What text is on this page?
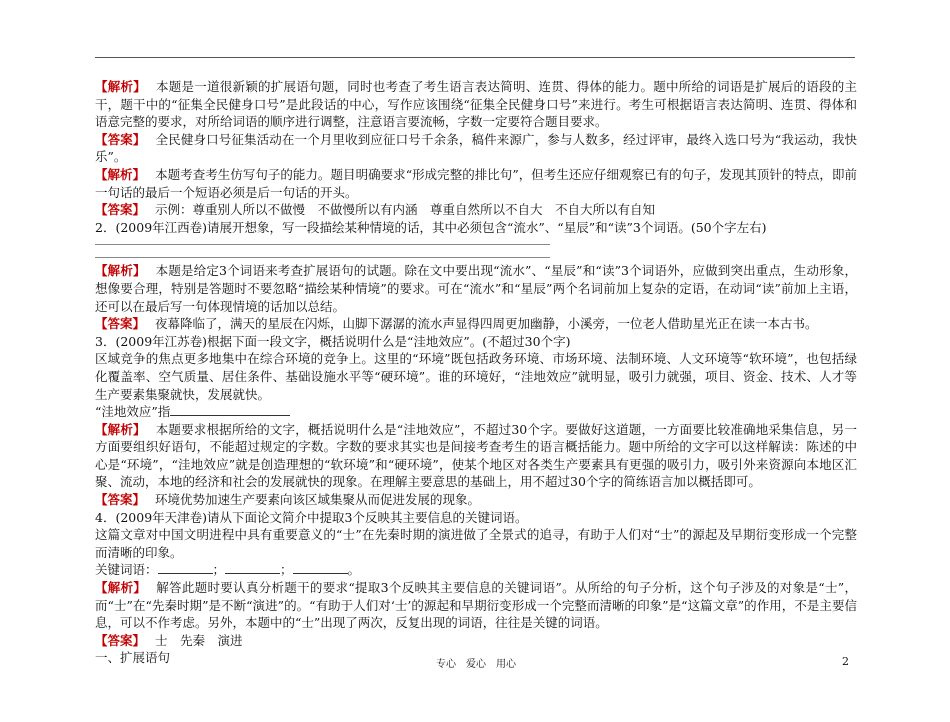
【解析】 本题是一道很新颖的扩展语句题，同时也考查了考生语言表达简明、连贯、得体的能力。题中所给的词语是扩展后的语段的主干，题干中的“征集全民健身口号”是此段话的中心，写作应该围绕“征集全民健身口号”来进行。考生可根据语言表达简明、连贯、得体和语意完整的要求，对所给词语的顺序进行调整，注意语言要流畅，字数一定要符合题目要求。

【答案】 全民健身口号征集活动在一个月里收到应征口号千余条，稿件来源广，参与人数多，经过评审，最终入选口号为“我运动，我快乐”。

【解析】 本题考查考生仿写句子的能力。题目明确要求“形成完整的排比句”，但考生还应仔细观察已有的句子，发现其顶针的特点，即前一句话的最后一个短语必须是后一句话的开头。

【答案】 示例：尊重别人所以不做慢　不做慢所以有内涵　尊重自然所以不自大　不自大所以有自知

2．(2009年江西卷)请展开想象，写一段描绘某种情境的话，其中必须包含“流水”、“星辰”和“读”3个词语。(50个字左右)

【解析】 本题是给定3个词语来考查扩展语句的试题。除在文中要出现“流水”、“星辰”和“读”3个词语外，应做到突出重点，生动形象，想像要合理，特别是答题时不要忽略“描绘某种情境”的要求。可在“流水”和“星辰”两个名词前加上复杂的定语，在动词“读”前加上主语，还可以在最后写一句体现情境的话加以总结。

【答案】 夜幕降临了，满天的星辰在闪烁，山脚下潺潺的流水声显得四周更加幽静，小溪旁，一位老人借助星光正在读一本古书。

3．(2009年江苏卷)根据下面一段文字，概括说明什么是“洼地效应”。(不超过30个字)

区域竞争的焦点更多地集中在综合环境的竞争上。这里的“环境”既包括政务环境、市场环境、法制环境、人文环境等“软环境”，也包括绿化覆盖率、空气质量、居住条件、基础设施水平等“硬环境”。谁的环境好，“洼地效应”就明显，吸引力就强，项目、资金、技术、人才等生产要素集聚就快，发展就快。

“洼地效应”指

【解析】 本题要求根据所给的文字，概括说明什么是“洼地效应”，不超过30个字。要做好这道题，一方面要比较准确地采集信息，另一方面要组织好语句，不能超过规定的字数。字数的要求其实也是间接考查考生的语言概括能力。题中所给的文字可以这样解读：陈述的中心是“环境”，“洼地效应”就是创造理想的“软环境”和“硬环境”，使某个地区对各类生产要素具有更强的吸引力，吸引外来资源向本地区汇聚、流动，本地的经济和社会的发展就快的现象。在理解主要意思的基础上，用不超过30个字的简练语言加以概括即可。

【答案】 环境优势加速生产要素向该区域集聚从而促进发展的现象。

4．(2009年天津卷)请从下面论文简介中提取3个反映其主要信息的关键词语。

这篇文章对中国文明进程中具有重要意义的“士”在先秦时期的演进做了全景式的追寻，有助于人们对“士”的源起及早期衍变形成一个完整而清晰的印象。

关键词语：	；	；	。

【解析】 解答此题时要认真分析题干的要求“提取3个反映其主要信息的关键词语”。从所给的句子分析，这个句子涉及的对象是“士”，而“士”在“先秦时期”是不断“演进”的。“有助于人们对‘士’的源起和早期衍变形成一个完整而清晰的印象”是“这篇文章”的作用，不是主要信息，可以不作考虑。另外，本题中的“士”出现了两次，反复出现的词语，往往是关键的词语。

【答案】 士　先秦　演进

一、扩展语句	专心　爱心　用心	2
